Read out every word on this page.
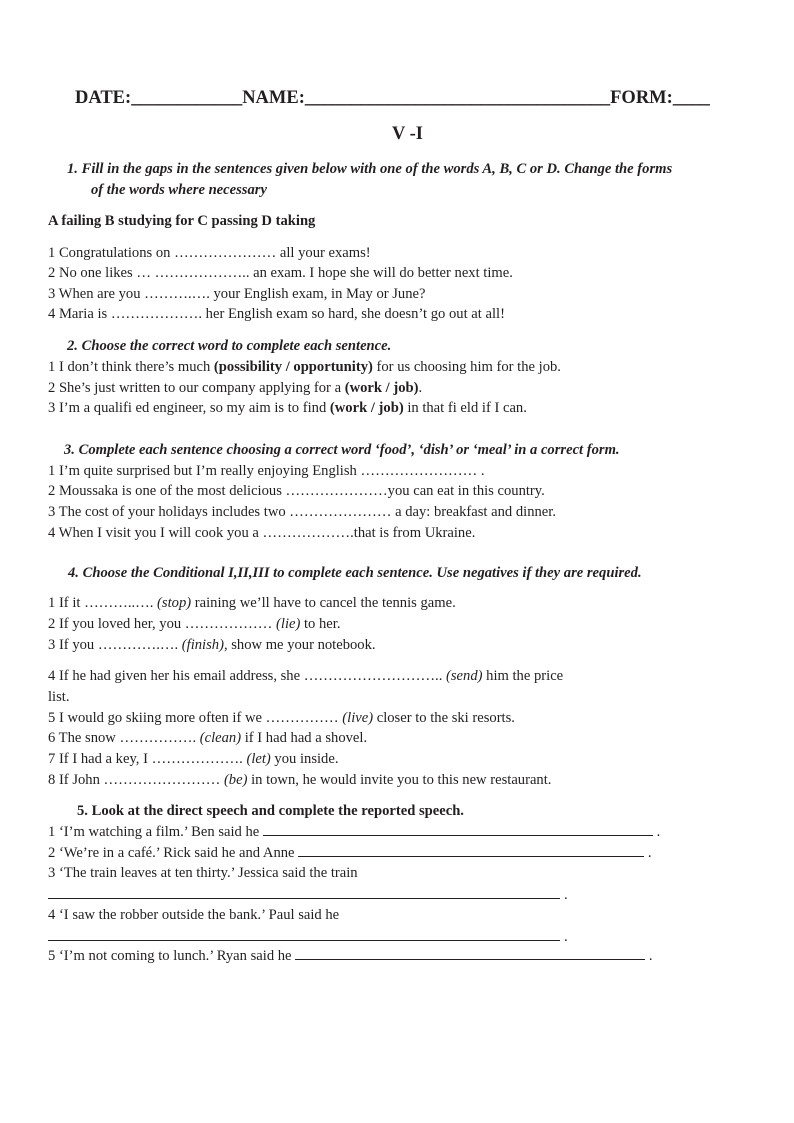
DATE:____________NAME:_________________________________FORM:____
V -I
1. Fill in the gaps in the sentences given below with one of the words A, B, C or D. Change the forms
of the words where necessary
A failing B studying for C passing D taking
1 Congratulations on ………………… all your exams!
2 No one likes … ……………….. an exam. I hope she will do better next time.
3 When are you ……….…. your English exam, in May or June?
4 Maria is ………………. her English exam so hard, she doesn’t go out at all!
2. Choose the correct word to complete each sentence.
1 I don’t think there’s much (possibility / opportunity) for us choosing him for the job.
2 She’s just written to our company applying for a (work / job).
3 I’m a qualifi ed engineer, so my aim is to find (work / job) in that fi eld if I can.
3. Complete each sentence choosing a correct word ‘food’, ‘dish’ or ‘meal’ in a correct form.
1 I’m quite surprised but I’m really enjoying English …………………… .
2 Moussaka is one of the most delicious …………………you can eat in this country.
3 The cost of your holidays includes two ………………… a day: breakfast and dinner.
4 When I visit you I will cook you a ……………….that is from Ukraine.
4. Choose the Conditional I,II,III to complete each sentence. Use negatives if they are required.
1 If it ………..…. (stop) raining we’ll have to cancel the tennis game.
2 If you loved her, you ……………… (lie) to her.
3 If you ………….…. (finish), show me your notebook.
4 If he had given her his email address, she ……………………….. (send) him the price
list.
5 I would go skiing more often if we …………… (live) closer to the ski resorts.
6 The snow ……………. (clean) if I had had a shovel.
7 If I had a key, I ………………. (let) you inside.
8 If John …………………… (be) in town, he would invite you to this new restaurant.
5. Look at the direct speech and complete the reported speech.
1 ‘I’m watching a film.’ Ben said he	.
2 ‘We’re in a café.’ Rick said he and Anne	.
3 ‘The train leaves at ten thirty.’ Jessica said the train
.
4 ‘I saw the robber outside the bank.’ Paul said he
.
5 ‘I’m not coming to lunch.’ Ryan said he	.
